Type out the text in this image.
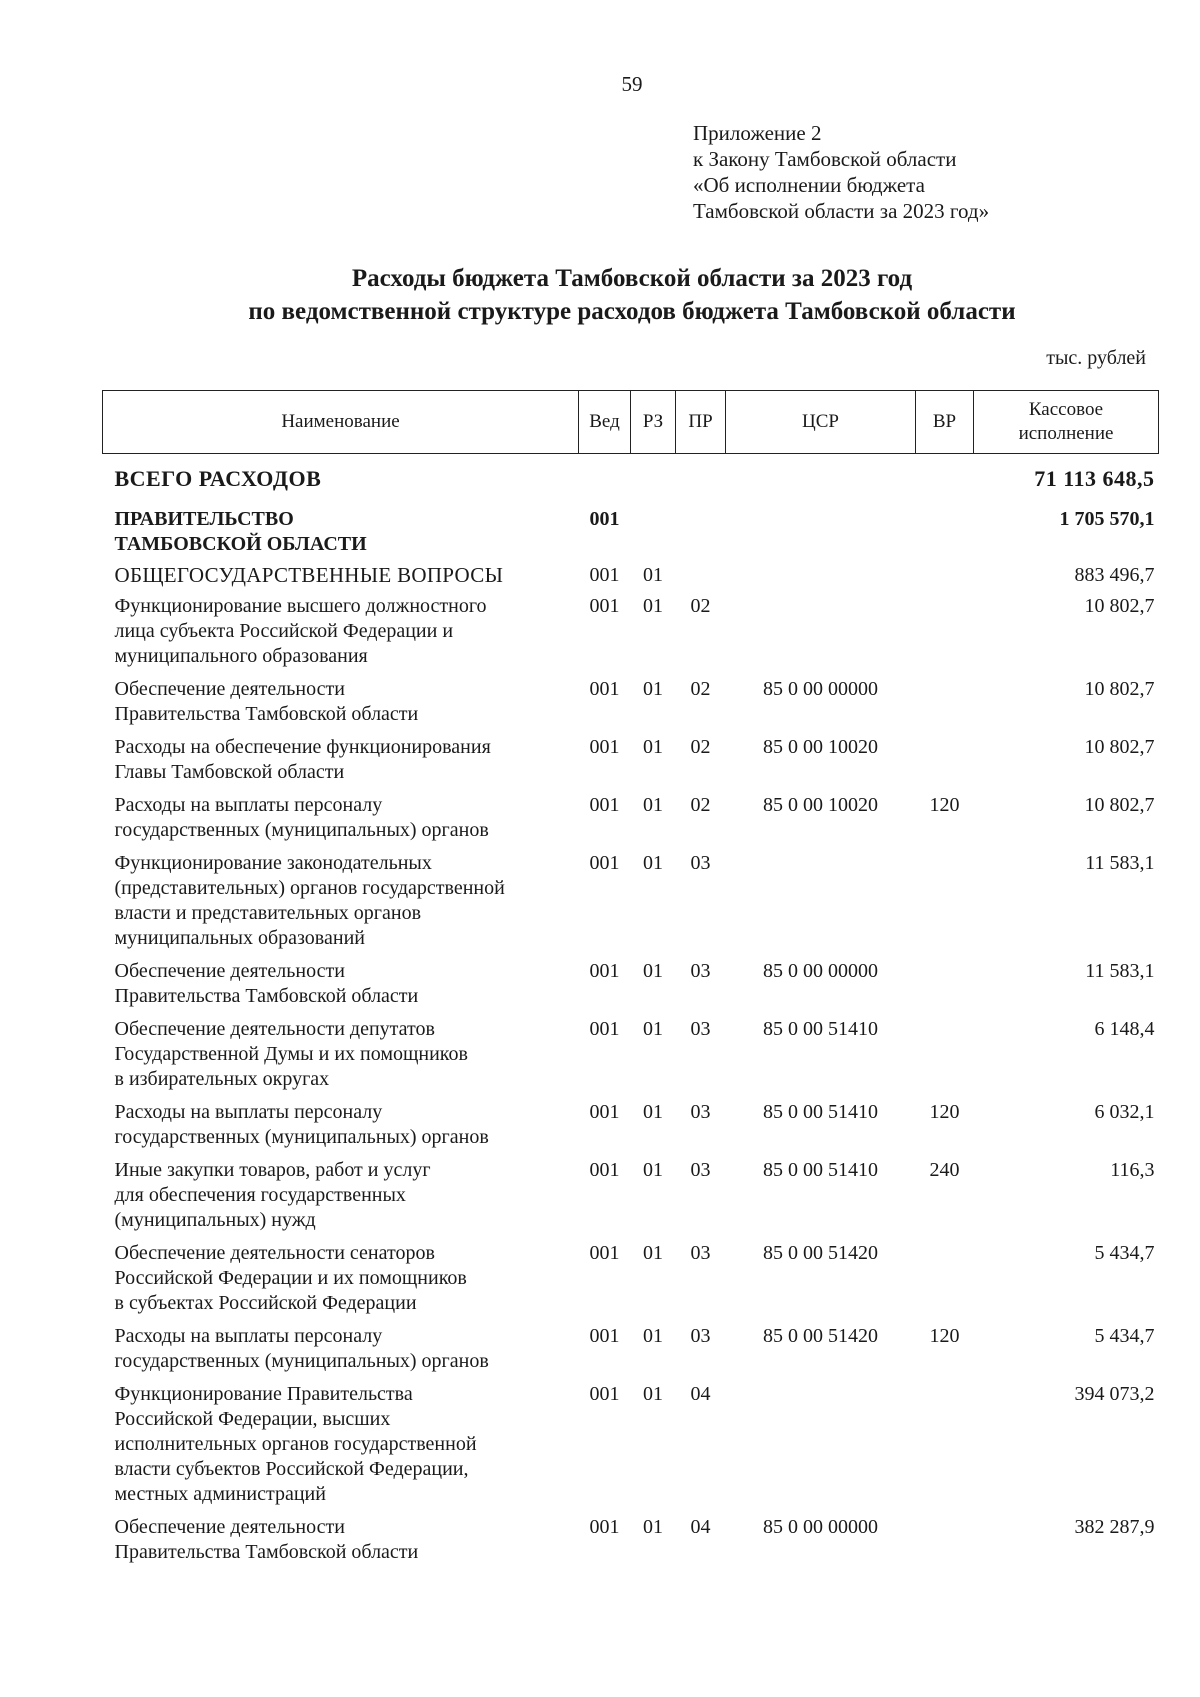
59
Приложение 2
к Закону Тамбовской области
«Об исполнении бюджета
Тамбовской области за 2023 год»
Расходы бюджета Тамбовской области за 2023 год
по ведомственной структуре расходов бюджета Тамбовской области
тыс. рублей
Наименование	Вед	РЗ	ПР	ЦСР	ВР	Кассовое
исполнение

ВСЕГО РАСХОДОВ						71 113 648,5

ПРАВИТЕЛЬСТВО
ТАМБОВСКОЙ ОБЛАСТИ	001					1 705 570,1

ОБЩЕГОСУДАРСТВЕННЫЕ ВОПРОСЫ	001	01				883 496,7

Функционирование высшего должностного
лица субъекта Российской Федерации и
муниципального образования	001	01	02			10 802,7

Обеспечение деятельности
Правительства Тамбовской области	001	01	02	85 0 00 00000		10 802,7

Расходы на обеспечение функционирования
Главы Тамбовской области	001	01	02	85 0 00 10020		10 802,7

Расходы на выплаты персоналу
государственных (муниципальных) органов	001	01	02	85 0 00 10020	120	10 802,7

Функционирование законодательных
(представительных) органов государственной
власти и представительных органов
муниципальных образований	001	01	03			11 583,1

Обеспечение деятельности
Правительства Тамбовской области	001	01	03	85 0 00 00000		11 583,1

Обеспечение деятельности депутатов
Государственной Думы и их помощников
в избирательных округах	001	01	03	85 0 00 51410		6 148,4

Расходы на выплаты персоналу
государственных (муниципальных) органов	001	01	03	85 0 00 51410	120	6 032,1

Иные закупки товаров, работ и услуг
для обеспечения государственных
(муниципальных) нужд	001	01	03	85 0 00 51410	240	116,3

Обеспечение деятельности сенаторов
Российской Федерации и их помощников
в субъектах Российской Федерации	001	01	03	85 0 00 51420		5 434,7

Расходы на выплаты персоналу
государственных (муниципальных) органов	001	01	03	85 0 00 51420	120	5 434,7

Функционирование Правительства
Российской Федерации, высших
исполнительных органов государственной
власти субъектов Российской Федерации,
местных администраций	001	01	04			394 073,2

Обеспечение деятельности
Правительства Тамбовской области	001	01	04	85 0 00 00000		382 287,9
